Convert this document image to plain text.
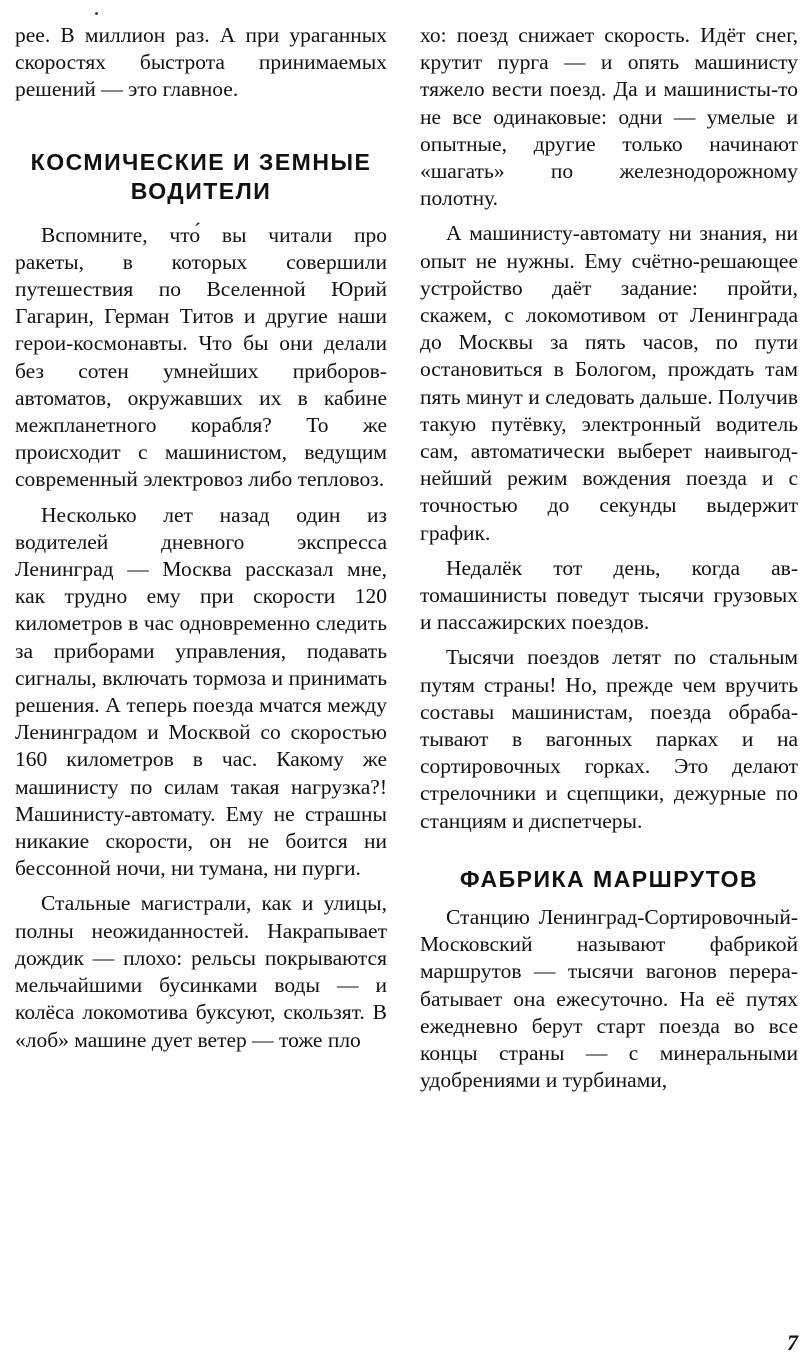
рее. В миллион раз. А при ураганных скоростях быстрота принимаемых решений — это главное.

КОСМИЧЕСКИЕ И ЗЕМНЫЕ ВОДИТЕЛИ

Вспомните, что́ вы читали про ракеты, в которых совершили путешествия по Вселенной Юрий Гагарин, Герман Титов и другие наши герои-космонавты. Что бы они делали без сотен умнейших приборов-автоматов, окружавших их в кабине межпланетного корабля? То же происходит с машинистом, ведущим современный электровоз либо тепловоз.

Несколько лет назад один из водителей дневного экспресса Ленинград — Москва рассказал мне, как трудно ему при скорости 120 километров в час одновременно следить за приборами управления, подавать сигналы, включать тормоза и принимать решения. А теперь поезда мчатся между Ленинградом и Москвой со скоростью 160 километров в час. Какому же машинисту по силам такая нагрузка?! Машинисту-автомату. Ему не страшны никакие скорости, он не боится ни бессонной ночи, ни тумана, ни пурги.

Стальные магистрали, как и улицы, полны неожиданностей. Накрапывает дождик — плохо: рельсы покрываются мельчайшими бусинками воды — и колёса локомотива буксуют, скользят. В «лоб» машине дует ветер — тоже пло

хо: поезд снижает скорость. Идёт снег, крутит пурга — и опять машинисту тяжело вести поезд. Да и машинисты-то не все одинаковые: одни — умелые и опытные, другие только начинают «шагать» по железнодорожному полотну.

А машинисту-автомату ни знания, ни опыт не нужны. Ему счётно-решающее устройство даёт задание: пройти, скажем, с локомотивом от Ленинграда до Москвы за пять часов, по пути остановиться в Бологом, прождать там пять минут и следовать дальше. Получив такую путёвку, электронный водитель сам, автоматически выберет наивыгоднейший режим вождения поезда и с точностью до секунды выдержит график.

Недалёк тот день, когда автомашинисты поведут тысячи грузовых и пассажирских поездов.

Тысячи поездов летят по стальным путям страны! Но, прежде чем вручить составы машинистам, поезда обрабатывают в вагонных парках и на сортировочных горках. Это делают стрелочники и сцепщики, дежурные по станциям и диспетчеры.

ФАБРИКА МАРШРУТОВ

Станцию Ленинград-Сортировочный-Московский называют фабрикой маршрутов — тысячи вагонов перерабатывает она ежесуточно. На её путях ежедневно берут старт поезда во все концы страны — с минеральными удобрениями и турбинами,

7
